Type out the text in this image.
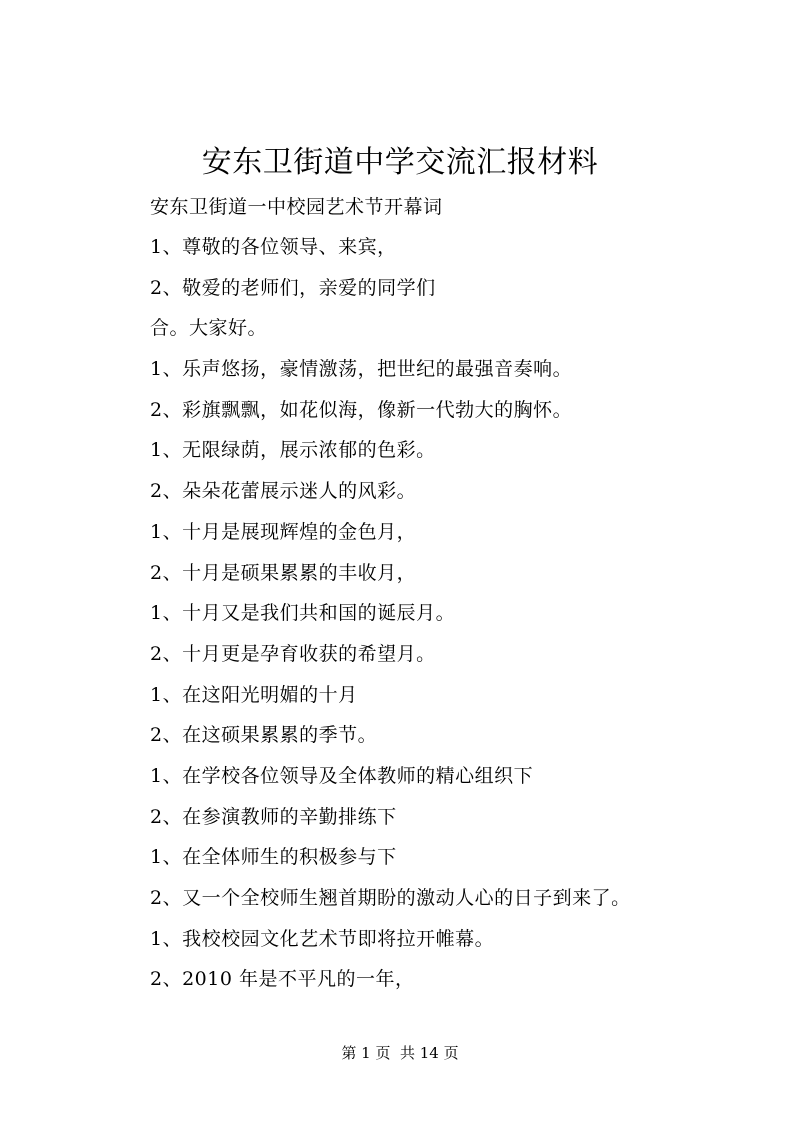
安东卫街道中学交流汇报材料

安东卫街道一中校园艺术节开幕词

1、尊敬的各位领导、来宾，
2、敬爱的老师们，亲爱的同学们
合。大家好。
1、乐声悠扬，豪情激荡，把世纪的最强音奏响。
2、彩旗飘飘，如花似海，像新一代勃大的胸怀。
1、无限绿荫，展示浓郁的色彩。
2、朵朵花蕾展示迷人的风彩。
1、十月是展现辉煌的金色月，
2、十月是硕果累累的丰收月，
1、十月又是我们共和国的诞辰月。
2、十月更是孕育收获的希望月。
1、在这阳光明媚的十月
2、在这硕果累累的季节。
1、在学校各位领导及全体教师的精心组织下
2、在参演教师的辛勤排练下
1、在全体师生的积极参与下
2、又一个全校师生翘首期盼的激动人心的日子到来了。
1、我校校园文化艺术节即将拉开帷幕。
2、2010 年是不平凡的一年，
第 1 页  共 14 页
